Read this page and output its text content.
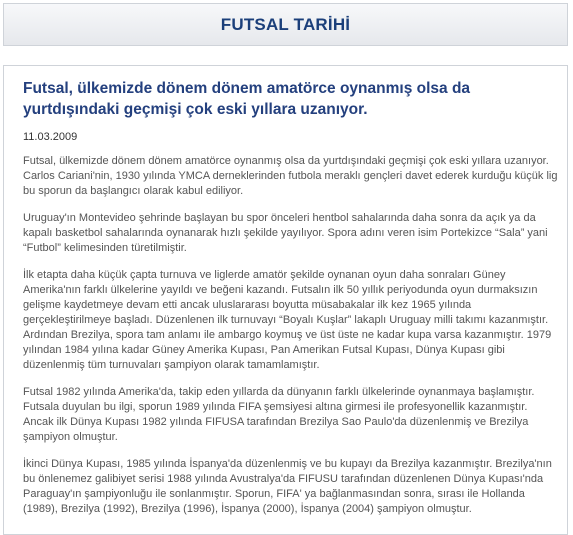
FUTSAL TARİHİ
Futsal, ülkemizde dönem dönem amatörce oynanmış olsa da yurtdışındaki geçmişi çok eski yıllara uzanıyor.
11.03.2009

Futsal, ülkemizde dönem dönem amatörce oynanmış olsa da yurtdışındaki geçmişi çok eski yıllara uzanıyor. Carlos Cariani'nin, 1930 yılında YMCA derneklerinden futbola meraklı gençleri davet ederek kurduğu küçük lig bu sporun da başlangıcı olarak kabul ediliyor.

Uruguay'ın Montevideo şehrinde başlayan bu spor önceleri hentbol sahalarında daha sonra da açık ya da kapalı basketbol sahalarında oynanarak hızlı şekilde yayılıyor. Spora adını veren isim Portekizce “Sala” yani “Futbol” kelimesinden türetilmiştir.

İlk etapta daha küçük çapta turnuva ve liglerde amatör şekilde oynanan oyun daha sonraları Güney Amerika'nın farklı ülkelerine yayıldı ve beğeni kazandı. Futsalın ilk 50 yıllık periyodunda oyun durmaksızın gelişme kaydetmeye devam etti ancak uluslararası boyutta müsabakalar ilk kez 1965 yılında gerçekleştirilmeye başladı. Düzenlenen ilk turnuvayı “Boyalı Kuşlar” lakaplı Uruguay milli takımı kazanmıştır. Ardından Brezilya, spora tam anlamı ile ambargo koymuş ve üst üste ne kadar kupa varsa kazanmıştır. 1979 yılından 1984 yılına kadar Güney Amerika Kupası, Pan Amerikan Futsal Kupası, Dünya Kupası gibi düzenlenmiş tüm turnuvaları şampiyon olarak tamamlamıştır.

Futsal 1982 yılında Amerika'da, takip eden yıllarda da dünyanın farklı ülkelerinde oynanmaya başlamıştır. Futsala duyulan bu ilgi, sporun 1989 yılında FIFA şemsiyesi altına girmesi ile profesyonellik kazanmıştır. Ancak ilk Dünya Kupası 1982 yılında FIFUSA tarafından Brezilya Sao Paulo'da düzenlenmiş ve Brezilya şampiyon olmuştur.

İkinci Dünya Kupası, 1985 yılında İspanya'da düzenlenmiş ve bu kupayı da Brezilya kazanmıştır. Brezilya'nın bu önlenemez galibiyet serisi 1988 yılında Avustralya'da FIFUSU tarafından düzenlenen Dünya Kupası'nda Paraguay'ın şampiyonluğu ile sonlanmıştır. Sporun, FIFA' ya bağlanmasından sonra, sırası ile Hollanda (1989), Brezilya (1992), Brezilya (1996), İspanya (2000), İspanya (2004) şampiyon olmuştur.
